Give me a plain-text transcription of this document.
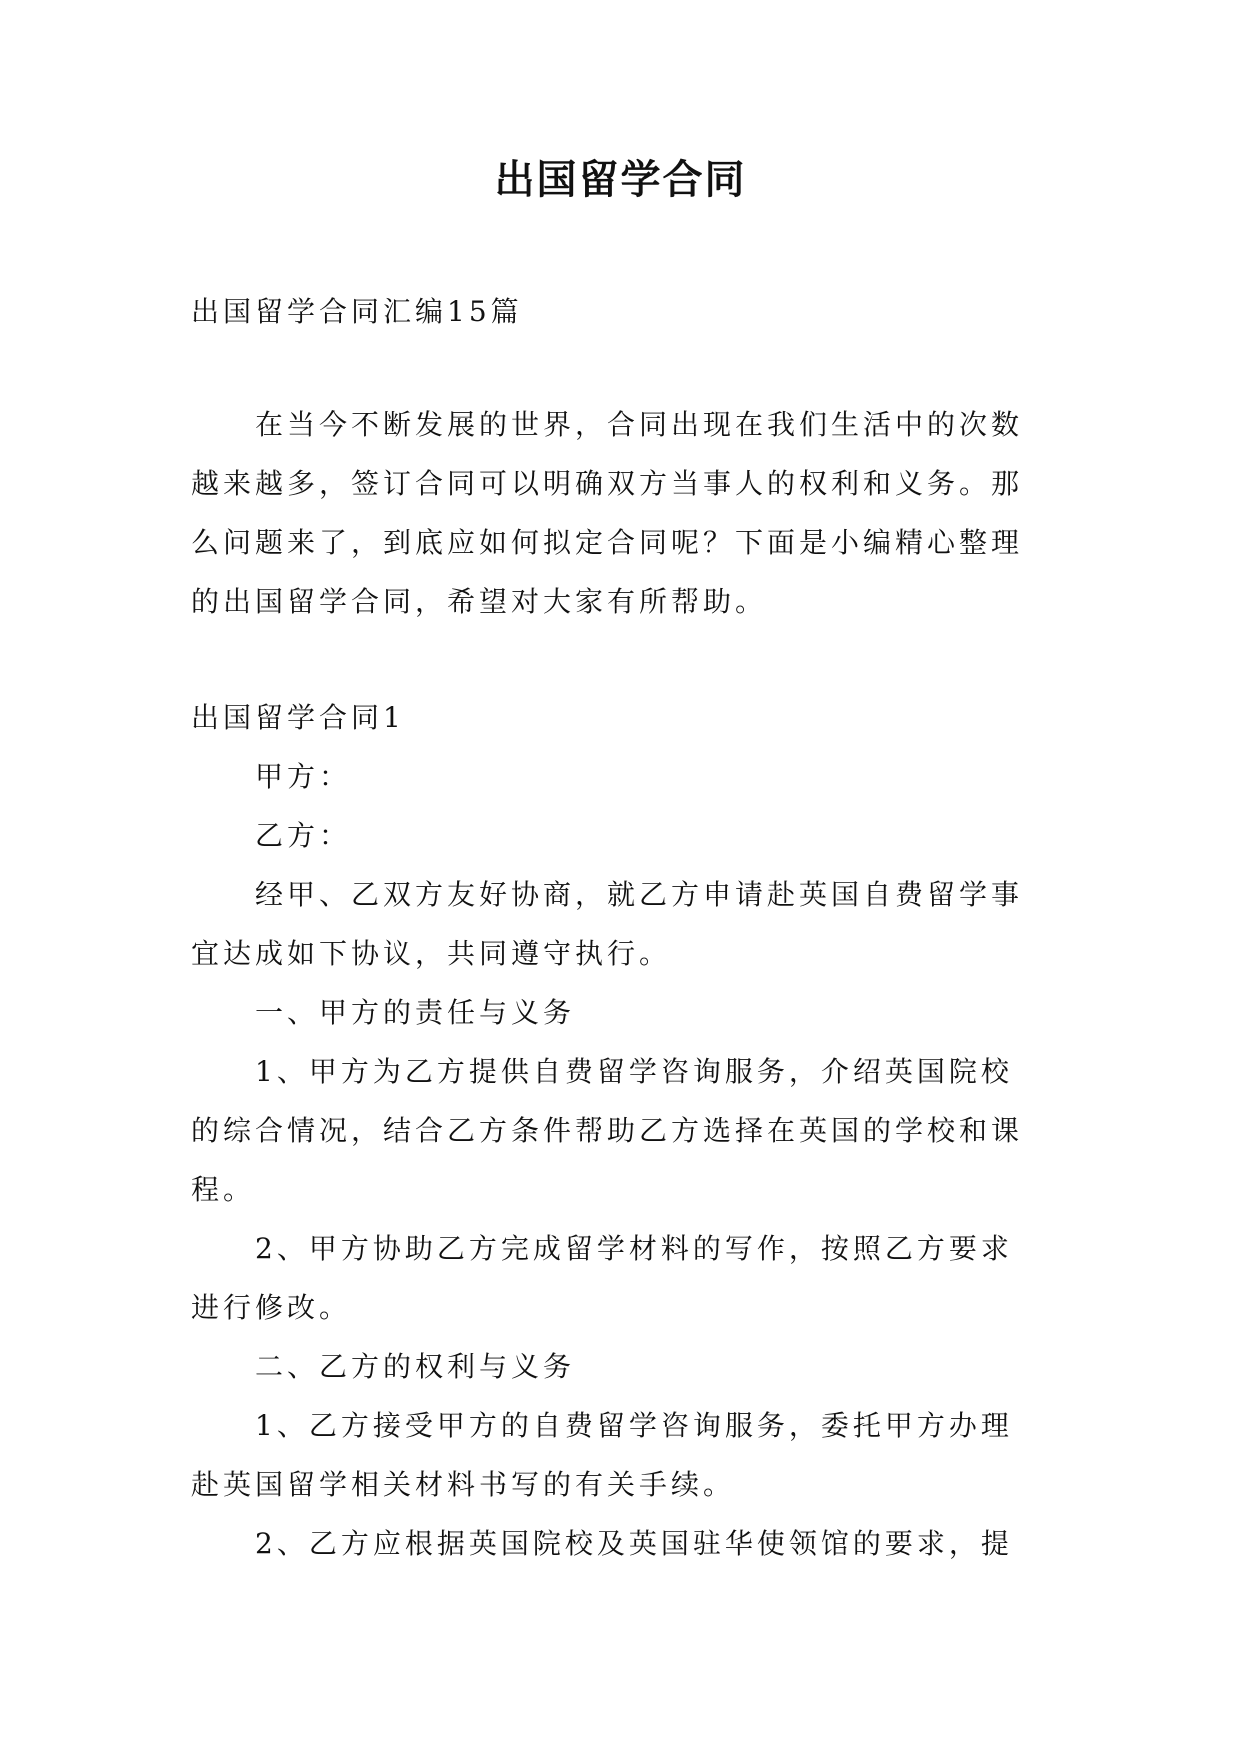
出国留学合同
出国留学合同汇编15篇
在当今不断发展的世界，合同出现在我们生活中的次数
越来越多，签订合同可以明确双方当事人的权利和义务。那
么问题来了，到底应如何拟定合同呢？下面是小编精心整理
的出国留学合同，希望对大家有所帮助。
出国留学合同1
甲方：
乙方：
经甲、乙双方友好协商，就乙方申请赴英国自费留学事
宜达成如下协议，共同遵守执行。
一、甲方的责任与义务
1、甲方为乙方提供自费留学咨询服务，介绍英国院校
的综合情况，结合乙方条件帮助乙方选择在英国的学校和课
程。
2、甲方协助乙方完成留学材料的写作，按照乙方要求
进行修改。
二、乙方的权利与义务
1、乙方接受甲方的自费留学咨询服务，委托甲方办理
赴英国留学相关材料书写的有关手续。
2、乙方应根据英国院校及英国驻华使领馆的要求，提
